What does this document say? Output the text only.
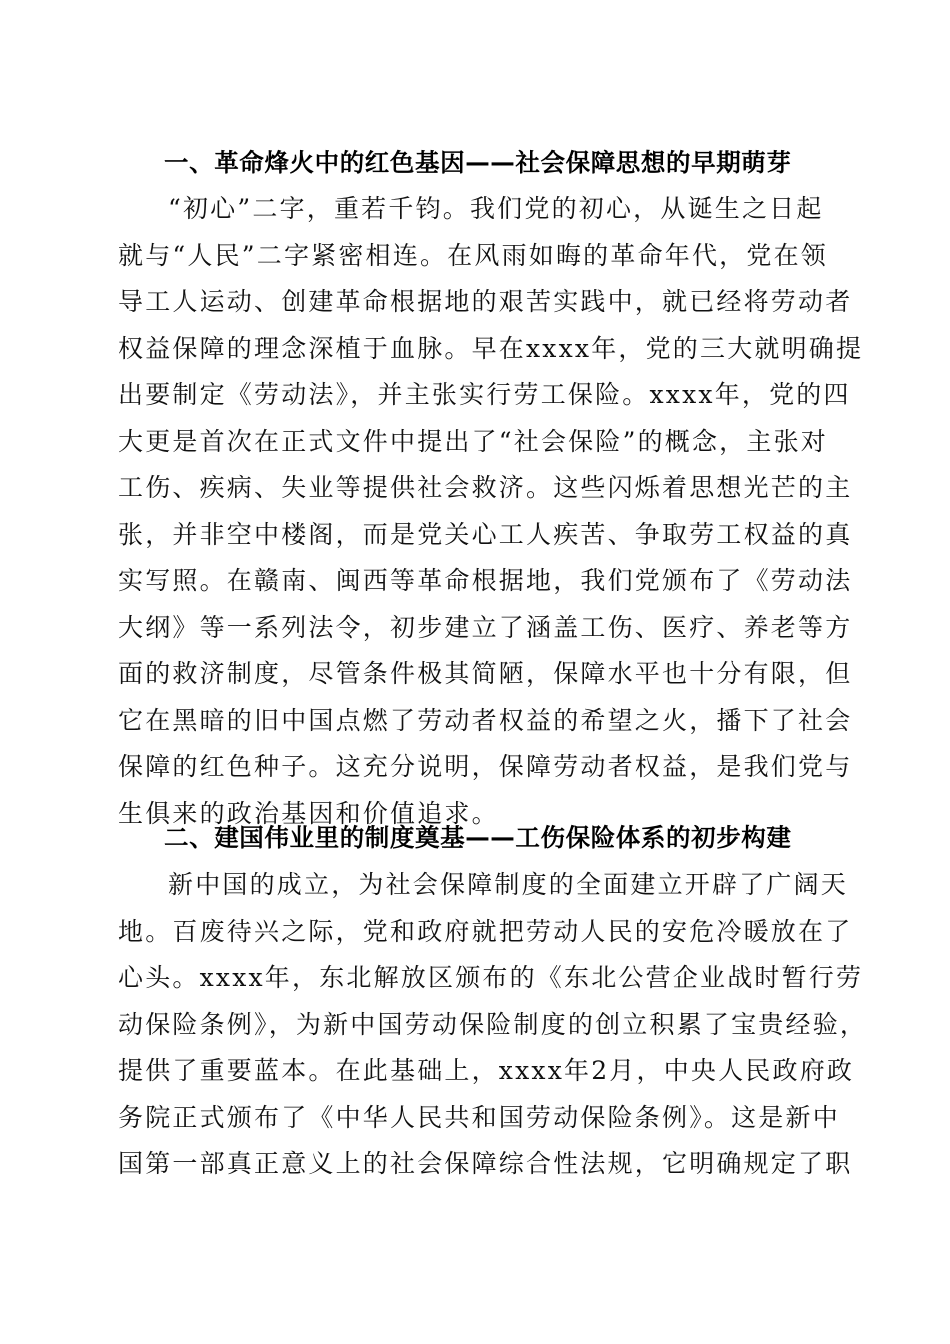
一、革命烽火中的红色基因——社会保障思想的早期萌芽
“初心”二字，重若千钧。我们党的初心，从诞生之日起
就与“人民”二字紧密相连。在风雨如晦的革命年代，党在领
导工人运动、创建革命根据地的艰苦实践中，就已经将劳动者
权益保障的理念深植于血脉。早在xxxx年，党的三大就明确提
出要制定《劳动法》，并主张实行劳工保险。xxxx年，党的四
大更是首次在正式文件中提出了“社会保险”的概念，主张对
工伤、疾病、失业等提供社会救济。这些闪烁着思想光芒的主
张，并非空中楼阁，而是党关心工人疾苦、争取劳工权益的真
实写照。在赣南、闽西等革命根据地，我们党颁布了《劳动法
大纲》等一系列法令，初步建立了涵盖工伤、医疗、养老等方
面的救济制度，尽管条件极其简陋，保障水平也十分有限，但
它在黑暗的旧中国点燃了劳动者权益的希望之火，播下了社会
保障的红色种子。这充分说明，保障劳动者权益，是我们党与
生俱来的政治基因和价值追求。
二、建国伟业里的制度奠基——工伤保险体系的初步构建
新中国的成立，为社会保障制度的全面建立开辟了广阔天
地。百废待兴之际，党和政府就把劳动人民的安危冷暖放在了
心头。xxxx年，东北解放区颁布的《东北公营企业战时暂行劳
动保险条例》，为新中国劳动保险制度的创立积累了宝贵经验，
提供了重要蓝本。在此基础上，xxxx年2月，中央人民政府政
务院正式颁布了《中华人民共和国劳动保险条例》。这是新中
国第一部真正意义上的社会保障综合性法规，它明确规定了职
